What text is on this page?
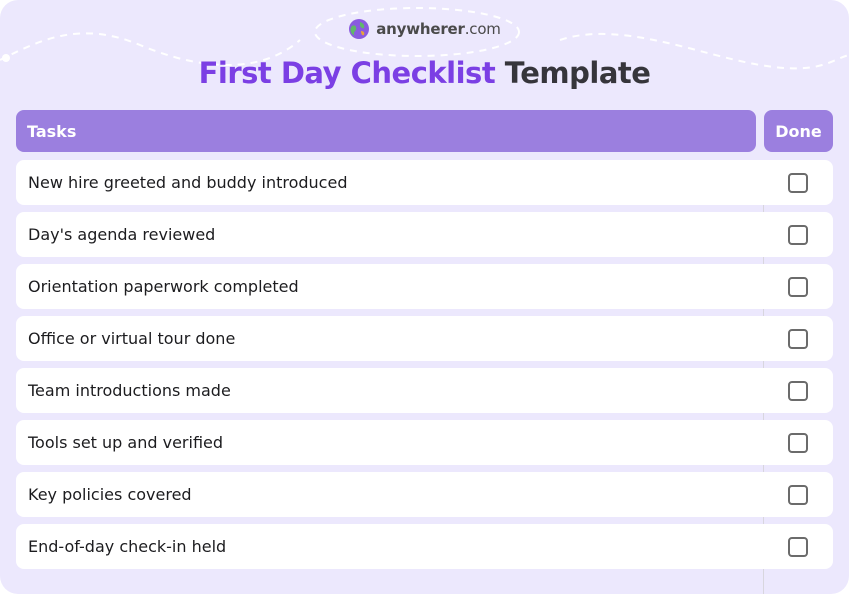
anywherer.com
First Day Checklist Template
Tasks	Done
New hire greeted and buddy introduced
Day's agenda reviewed
Orientation paperwork completed
Office or virtual tour done
Team introductions made
Tools set up and verified
Key policies covered
End-of-day check-in held
